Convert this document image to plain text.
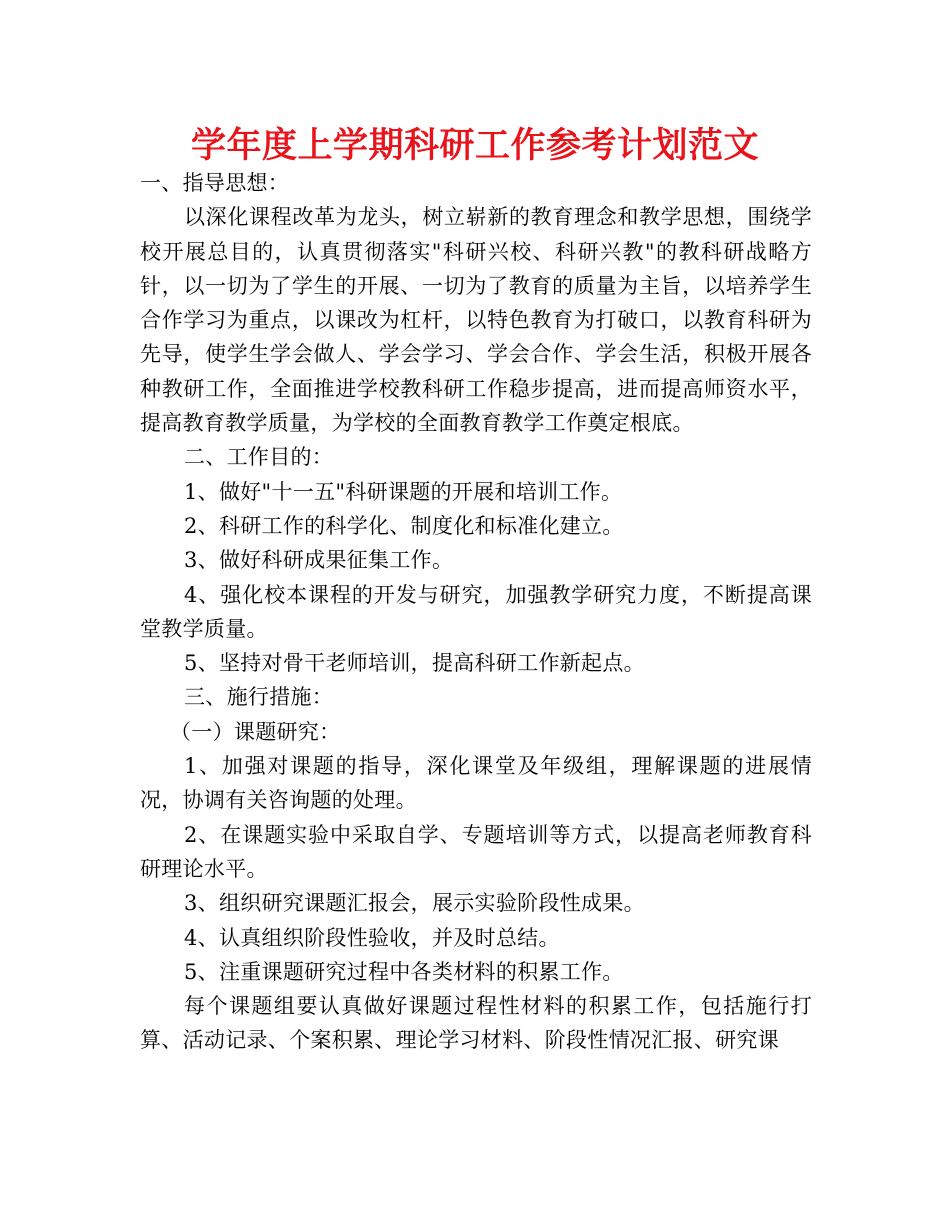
学年度上学期科研工作参考计划范文

一、指导思想：

以深化课程改革为龙头，树立崭新的教育理念和教学思想，围绕学校开展总目的，认真贯彻落实"科研兴校、科研兴教"的教科研战略方针，以一切为了学生的开展、一切为了教育的质量为主旨，以培养学生合作学习为重点，以课改为杠杆，以特色教育为打破口，以教育科研为先导，使学生学会做人、学会学习、学会合作、学会生活，积极开展各种教研工作，全面推进学校教科研工作稳步提高，进而提高师资水平，提高教育教学质量，为学校的全面教育教学工作奠定根底。

二、工作目的：

1、做好"十一五"科研课题的开展和培训工作。

2、科研工作的科学化、制度化和标准化建立。

3、做好科研成果征集工作。

4、强化校本课程的开发与研究，加强教学研究力度，不断提高课堂教学质量。

5、坚持对骨干老师培训，提高科研工作新起点。

三、施行措施：

（一）课题研究：

1、加强对课题的指导，深化课堂及年级组，理解课题的进展情况，协调有关咨询题的处理。

2、在课题实验中采取自学、专题培训等方式，以提高老师教育科研理论水平。

3、组织研究课题汇报会，展示实验阶段性成果。

4、认真组织阶段性验收，并及时总结。

5、注重课题研究过程中各类材料的积累工作。

每个课题组要认真做好课题过程性材料的积累工作，包括施行打算、活动记录、个案积累、理论学习材料、阶段性情况汇报、研究课
